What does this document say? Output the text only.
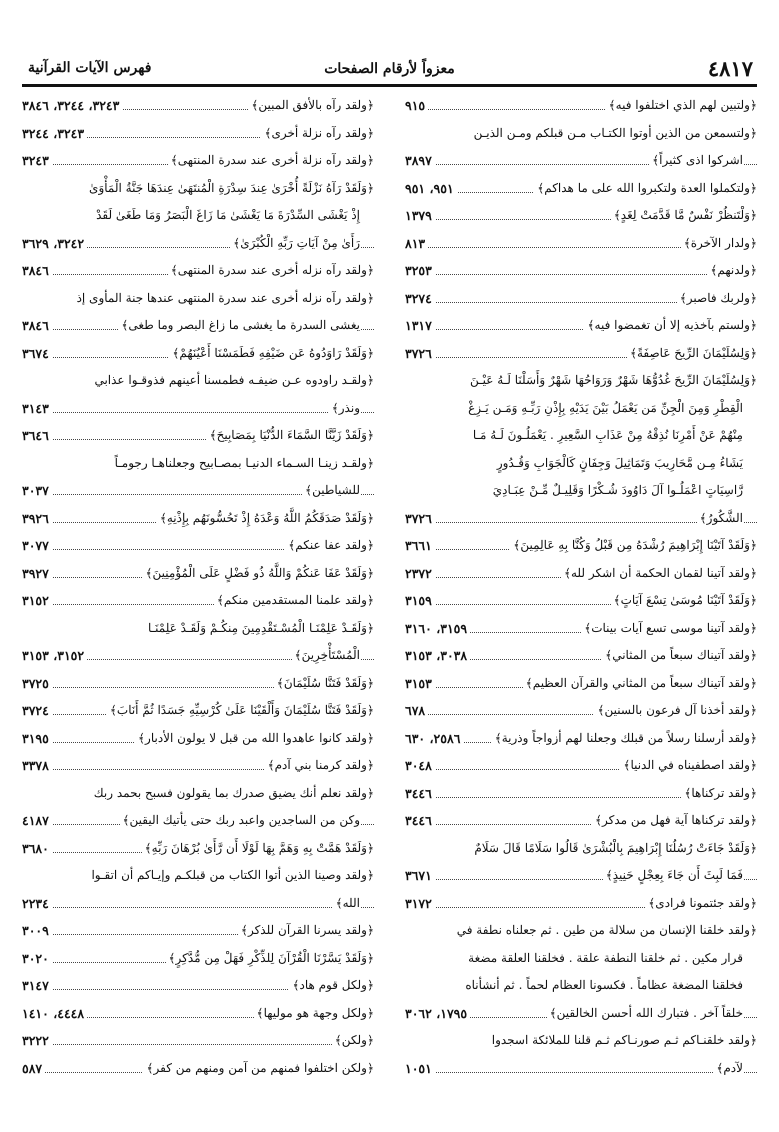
٤٨١٧
معزواً لأرقام الصفحات
فهرس الآيات القرآنية
﴿ولتبين لهم الذي اختلفوا فيه﴾
٩١٥
﴿ولتسمعن من الذين أوتوا الكتـاب مـن قبلكم ومـن الذيـن
اشركوا اذى كثيراً﴾
٣٨٩٧
﴿ولتكملوا العدة ولتكبروا الله على ما هداكم﴾
٩٥١، ٩٥١
﴿وَلْتَنظُرْ نَفْسٌ مَّا قَدَّمَتْ لِغَدٍ﴾
١٣٧٩
﴿ولدار الآخرة﴾
٨١٣
﴿ولدنهم﴾
٣٢٥٣
﴿ولربك فاصبر﴾
٣٢٧٤
﴿ولستم بآخذيه إلا أن تغمضوا فيه﴾
١٣١٧
﴿وَلِسُلَيْمَانَ الرِّيحَ عَاصِفَةً﴾
٣٧٢٦
﴿وَلِسُلَيْمَانَ الرِّيحَ غُدُوُّهَا شَهْرٌ وَرَوَاحُهَا شَهْرٌ وَأَسَلْنَا لَـهُ عَيْـنَ
الْقِطْرِ وَمِنَ الْجِنِّ مَن يَعْمَلُ بَيْنَ يَدَيْهِ بِإِذْنِ رَبِّـهِ وَمَـن يَـزِغْ
مِنْهُمْ عَنْ أَمْرِنَا نُذِقْهُ مِنْ عَذَابِ السَّعِيرِ . يَعْمَلُـونَ لَـهُ مَـا
يَشَاءُ مِـن مَّحَارِيبَ وَتَمَاثِيلَ وَجِفَانٍ كَالْجَوَابِ وَقُـدُورٍ
رَّاسِيَاتٍ اعْمَلُـوا آلَ دَاوُودَ شُـكْرًا وَقَلِيـلٌ مِّـنْ عِبَـادِيَ
الشَّكُورُ﴾
٣٧٢٦
﴿وَلَقَدْ آتَيْنَا إِبْرَاهِيمَ رُشْدَهُ مِن قَبْلُ وَكُنَّا بِهِ عَالِمِينَ﴾
٣٦٦١
﴿ولقد آتينا لقمان الحكمة أن اشكر لله﴾
٢٣٧٢
﴿وَلَقَدْ آتَيْنَا مُوسَىٰ تِسْعَ آيَاتٍ﴾
٣١٥٩
﴿ولقد آتينا موسى تسع آيات بينات﴾
٣١٥٩، ٣١٦٠
﴿ولقد آتيناك سبعاً من المثاني﴾
٣٠٣٨، ٣١٥٣
﴿ولقد آتيناك سبعاً من المثاني والقرآن العظيم﴾
٣١٥٣
﴿ولقد أخذنا آل فرعون بالسنين﴾
٦٧٨
﴿ولقد أرسلنا رسلاً من قبلك وجعلنا لهم أزواجاً وذرية﴾
٢٥٨٦، ٦٣٠
﴿ولقد اصطفيناه في الدنيا﴾
٣٠٤٨
﴿ولقد تركناها﴾
٣٤٤٦
﴿ولقد تركناها آية فهل من مدكر﴾
٣٤٤٦
﴿وَلَقَدْ جَاءَتْ رُسُلُنَا إِبْرَاهِيمَ بِالْبُشْرَىٰ قَالُوا سَلَامًا قَالَ سَلَامٌ
فَمَا لَبِثَ أَن جَاءَ بِعِجْلٍ حَنِيذٍ﴾
٣٦٧١
﴿ولقد جئتمونا فرادى﴾
٣١٧٢
﴿ولقد خلقنا الإنسان من سلالة من طين . ثم جعلناه نطفة في
قرار مكين . ثم خلقنا النطفة علقة . فخلقنا العلقة مضغة
فخلقنا المضغة عظاماً . فكسونا العظام لحماً . ثم أنشأناه
خلقاً آخر . فتبارك الله أحسن الخالقين﴾
١٧٩٥، ٣٠٦٢
﴿ولقد خلقنـاكم ثـم صورنـاكم ثـم قلنا للملائكة اسجدوا
لآدم﴾
١٠٥١
﴿ولقد رآه بالأفق المبين﴾
٣٢٤٣، ٣٢٤٤، ٣٨٤٦
﴿ولقد رآه نزلة أخرى﴾
٣٢٤٣، ٣٢٤٤
﴿ولقد رآه نزلة أخرى عند سدرة المنتهى﴾
٣٢٤٣
﴿وَلَقَدْ رَآهُ نَزْلَةً أُخْرَىٰ عِندَ سِدْرَةِ الْمُنتَهَىٰ عِندَهَا جَنَّةُ الْمَأْوَىٰ
إِذْ يَغْشَى السِّدْرَةَ مَا يَغْشَىٰ مَا زَاغَ الْبَصَرُ وَمَا طَغَىٰ لَقَدْ
رَأَىٰ مِنْ آيَاتِ رَبِّهِ الْكُبْرَىٰ﴾
٣٢٤٢، ٣٦٢٩
﴿ولقد رآه نزله أخرى عند سدرة المنتهى﴾
٣٨٤٦
﴿ولقد رآه نزله أخرى عند سدرة المنتهى عندها جنة المأوى إذ
يغشى السدرة ما يغشى ما زاغ البصر وما طغى﴾
٣٨٤٦
﴿وَلَقَدْ رَاوَدُوهُ عَن ضَيْفِهِ فَطَمَسْنَا أَعْيُنَهُمْ﴾
٣٦٧٤
﴿ولقـد راودوه عـن ضيفـه فطمسنا أعينهم فذوقـوا عذابي
ونذر﴾
٣١٤٣
﴿وَلَقَدْ زَيَّنَّا السَّمَاءَ الدُّنْيَا بِمَصَابِيحَ﴾
٣٦٤٦
﴿ولقـد زينـا السـماء الدنيـا بمصـابيح وجعلناهـا رجومـاً
للشياطين﴾
٣٠٣٧
﴿وَلَقَدْ صَدَقَكُمُ اللَّهُ وَعْدَهُ إِذْ تَحُسُّونَهُم بِإِذْنِهِ﴾
٣٩٢٦
﴿ولقد عفا عنكم﴾
٣٠٧٧
﴿وَلَقَدْ عَفَا عَنكُمْ وَاللَّهُ ذُو فَضْلٍ عَلَى الْمُؤْمِنِينَ﴾
٣٩٢٧
﴿ولقد علمنا المستقدمين منكم﴾
٣١٥٢
﴿وَلَقَـدْ عَلِمْنَـا الْمُسْـتَقْدِمِينَ مِنكُـمْ وَلَقَـدْ عَلِمْنَـا
الْمُسْتَأْخِرِينَ﴾
٣١٥٢، ٣١٥٣
﴿وَلَقَدْ فَتَنَّا سُلَيْمَانَ﴾
٣٧٢٥
﴿وَلَقَدْ فَتَنَّا سُلَيْمَانَ وَأَلْقَيْنَا عَلَىٰ كُرْسِيِّهِ جَسَدًا ثُمَّ أَنَابَ﴾
٣٧٢٤
﴿ولقد كانوا عاهدوا الله من قبل لا يولون الأدبار﴾
٣١٩٥
﴿ولقد كرمنا بني آدم﴾
٣٣٧٨
﴿ولقد نعلم أنك يضيق صدرك بما يقولون فسبح بحمد ربك
وكن من الساجدين واعبد ربك حتى يأتيك اليقين﴾
٤١٨٧
﴿وَلَقَدْ هَمَّتْ بِهِ وَهَمَّ بِهَا لَوْلَا أَن رَّأَىٰ بُرْهَانَ رَبِّهِ﴾
٣٦٨٠
﴿ولقد وصينا الذين أتوا الكتاب من قبلكـم وإيـاكم أن اتقـوا
الله﴾
٢٢٣٤
﴿ولقد يسرنا القرآن للذكر﴾
٣٠٠٩
﴿وَلَقَدْ يَسَّرْنَا الْقُرْآنَ لِلذِّكْرِ فَهَلْ مِن مُّدَّكِرٍ﴾
٣٠٢٠
﴿ولكل قوم هاد﴾
٣١٤٧
﴿ولكل وجهة هو موليها﴾
٤٤٤٨، ١٤١٠
﴿ولكن﴾
٣٢٢٢
﴿ولكن اختلفوا فمنهم من آمن ومنهم من كفر﴾
٥٨٧
